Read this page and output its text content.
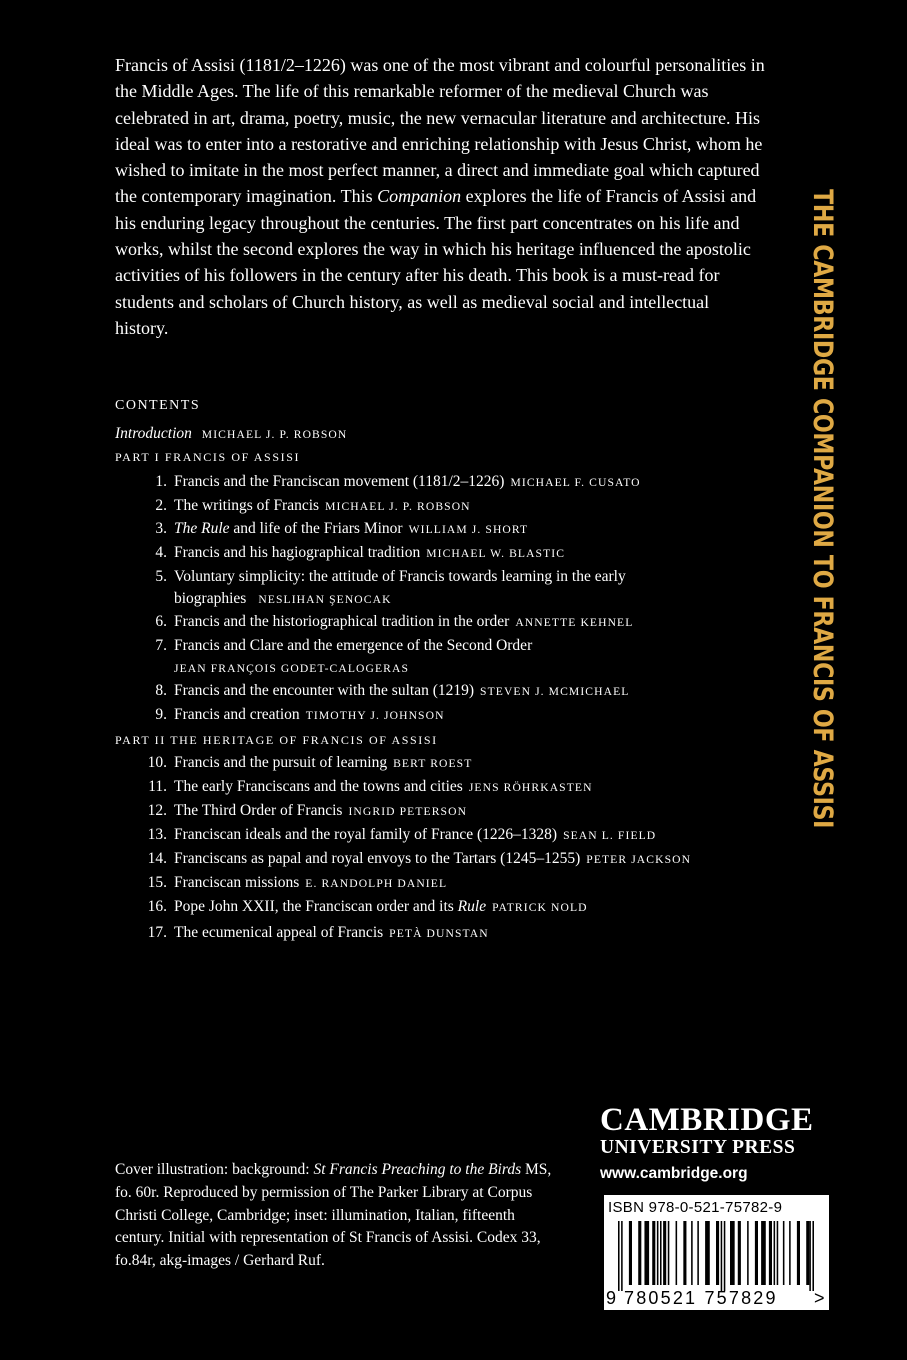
Francis of Assisi (1181/2–1226) was one of the most vibrant and colourful personalities in the Middle Ages. The life of this remarkable reformer of the medieval Church was celebrated in art, drama, poetry, music, the new vernacular literature and architecture. His ideal was to enter into a restorative and enriching relationship with Jesus Christ, whom he wished to imitate in the most perfect manner, a direct and immediate goal which captured the contemporary imagination. This Companion explores the life of Francis of Assisi and his enduring legacy throughout the centuries. The first part concentrates on his life and works, whilst the second explores the way in which his heritage influenced the apostolic activities of his followers in the century after his death. This book is a must-read for students and scholars of Church history, as well as medieval social and intellectual history.
CONTENTS
Introduction MICHAEL J. P. ROBSON
PART I FRANCIS OF ASSISI
1. Francis and the Franciscan movement (1181/2–1226) MICHAEL F. CUSATO
2. The writings of Francis MICHAEL J. P. ROBSON
3. The Rule and life of the Friars Minor WILLIAM J. SHORT
4. Francis and his hagiographical tradition MICHAEL W. BLASTIC
5. Voluntary simplicity: the attitude of Francis towards learning in the early
biographies NESLIHAN ŞENOCAK
6. Francis and the historiographical tradition in the order ANNETTE KEHNEL
7. Francis and Clare and the emergence of the Second Order
JEAN FRANÇOIS GODET-CALOGERAS
8. Francis and the encounter with the sultan (1219) STEVEN J. MCMICHAEL
9. Francis and creation TIMOTHY J. JOHNSON
PART II THE HERITAGE OF FRANCIS OF ASSISI
10. Francis and the pursuit of learning BERT ROEST
11. The early Franciscans and the towns and cities JENS RÖHRKASTEN
12. The Third Order of Francis INGRID PETERSON
13. Franciscan ideals and the royal family of France (1226–1328) SEAN L. FIELD
14. Franciscans as papal and royal envoys to the Tartars (1245–1255) PETER JACKSON
15. Franciscan missions E. RANDOLPH DANIEL
16. Pope John XXII, the Franciscan order and its Rule PATRICK NOLD
17. The ecumenical appeal of Francis PETÀ DUNSTAN
THE CAMBRIDGE COMPANION TO FRANCIS OF ASSISI
CAMBRIDGE
UNIVERSITY PRESS
www.cambridge.org
Cover illustration: background: St Francis Preaching to the Birds MS, fo. 60r. Reproduced by permission of The Parker Library at Corpus Christi College, Cambridge; inset: illumination, Italian, fifteenth century. Initial with representation of St Francis of Assisi. Codex 33, fo.84r, akg-images / Gerhard Ruf.
ISBN 978-0-521-75782-9
9 780521 757829 >
